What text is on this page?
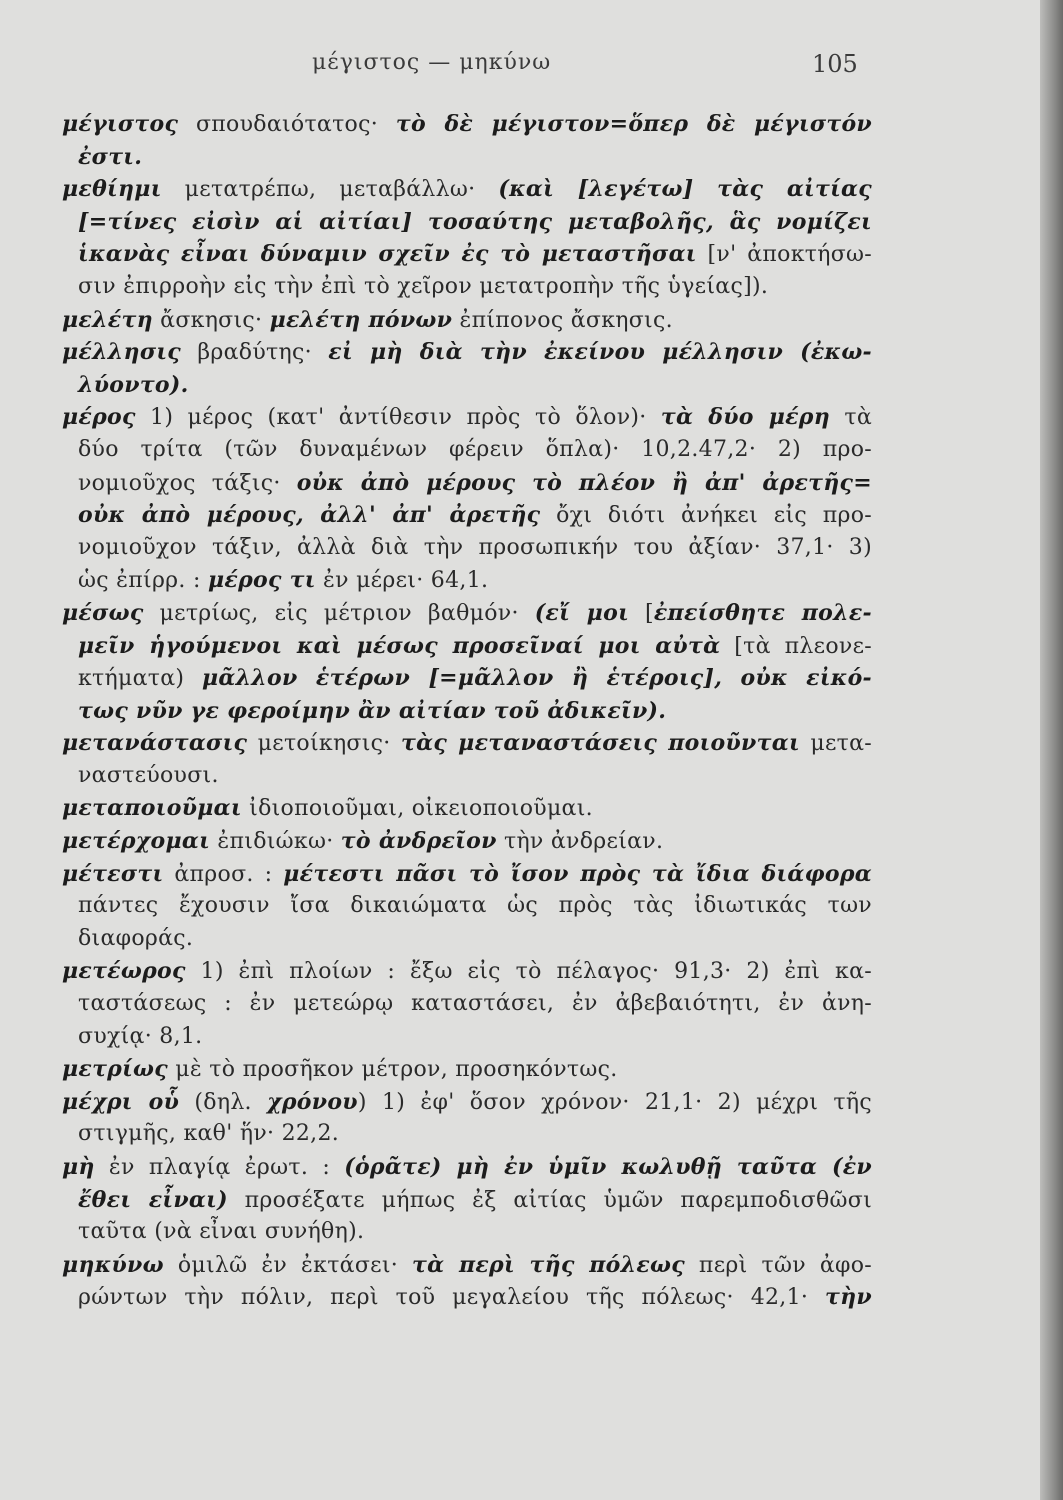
μέγιστος — μηκύνω	105
μέγιστος σπουδαιότατος· τὸ δὲ μέγιστον=ὅπερ δὲ μέγιστόν
ἐστι.
μεθίημι μετατρέπω, μεταβάλλω· (καὶ [λεγέτω] τὰς αἰτίας
[=τίνες εἰσὶν αἱ αἰτίαι] τοσαύτης μεταβολῆς, ἃς νομίζει
ἱκανὰς εἶναι δύναμιν σχεῖν ἐς τὸ μεταστῆσαι [ν' ἀποκτήσω-
σιν ἐπιρροὴν εἰς τὴν ἐπὶ τὸ χεῖρον μετατροπὴν τῆς ὑγείας]).
μελέτη ἄσκησις· μελέτη πόνων ἐπίπονος ἄσκησις.
μέλλησις βραδύτης· εἰ μὴ διὰ τὴν ἐκείνου μέλλησιν (ἐκω-
λύοντο).
μέρος 1) μέρος (κατ' ἀντίθεσιν πρὸς τὸ ὅλον)· τὰ δύο μέρη τὰ
δύο τρίτα (τῶν δυναμένων φέρειν ὅπλα)· 10,2.47,2· 2) προ-
νομιοῦχος τάξις· οὐκ ἀπὸ μέρους τὸ πλέον ἢ ἀπ' ἀρετῆς=
οὐκ ἀπὸ μέρους, ἀλλ' ἀπ' ἀρετῆς ὄχι διότι ἀνήκει εἰς προ-
νομιοῦχον τάξιν, ἀλλὰ διὰ τὴν προσωπικήν του ἀξίαν· 37,1· 3)
ὡς ἐπίρρ. : μέρος τι ἐν μέρει· 64,1.
μέσως μετρίως, εἰς μέτριον βαθμόν· (εἴ μοι [ἐπείσθητε πολε-
μεῖν ἡγούμενοι καὶ μέσως προσεῖναί μοι αὐτὰ [τὰ πλεονε-
κτήματα) μᾶλλον ἑτέρων [=μᾶλλον ἢ ἑτέροις], οὐκ εἰκό-
τως νῦν γε φεροίμην ἂν αἰτίαν τοῦ ἀδικεῖν).
μετανάστασις μετοίκησις· τὰς μεταναστάσεις ποιοῦνται μετα-
ναστεύουσι.
μεταποιοῦμαι ἰδιοποιοῦμαι, οἰκειοποιοῦμαι.
μετέρχομαι ἐπιδιώκω· τὸ ἀνδρεῖον τὴν ἀνδρείαν.
μέτεστι ἀπροσ. : μέτεστι πᾶσι τὸ ἴσον πρὸς τὰ ἴδια διάφορα
πάντες ἔχουσιν ἴσα δικαιώματα ὡς πρὸς τὰς ἰδιωτικάς των
διαφοράς.
μετέωρος 1) ἐπὶ πλοίων : ἔξω εἰς τὸ πέλαγος· 91,3· 2) ἐπὶ κα-
ταστάσεως : ἐν μετεώρῳ καταστάσει, ἐν ἀβεβαιότητι, ἐν ἀνη-
συχίᾳ· 8,1.
μετρίως μὲ τὸ προσῆκον μέτρον, προσηκόντως.
μέχρι οὗ (δηλ. χρόνου) 1) ἐφ' ὅσον χρόνον· 21,1· 2) μέχρι τῆς
στιγμῆς, καθ' ἥν· 22,2.
μὴ ἐν πλαγίᾳ ἐρωτ. : (ὁρᾶτε) μὴ ἐν ὑμῖν κωλυθῇ ταῦτα (ἐν
ἔθει εἶναι) προσέξατε μήπως ἐξ αἰτίας ὑμῶν παρεμποδισθῶσι
ταῦτα (νὰ εἶναι συνήθη).
μηκύνω ὁμιλῶ ἐν ἐκτάσει· τὰ περὶ τῆς πόλεως περὶ τῶν ἀφο-
ρώντων τὴν πόλιν, περὶ τοῦ μεγαλείου τῆς πόλεως· 42,1· τὴν
